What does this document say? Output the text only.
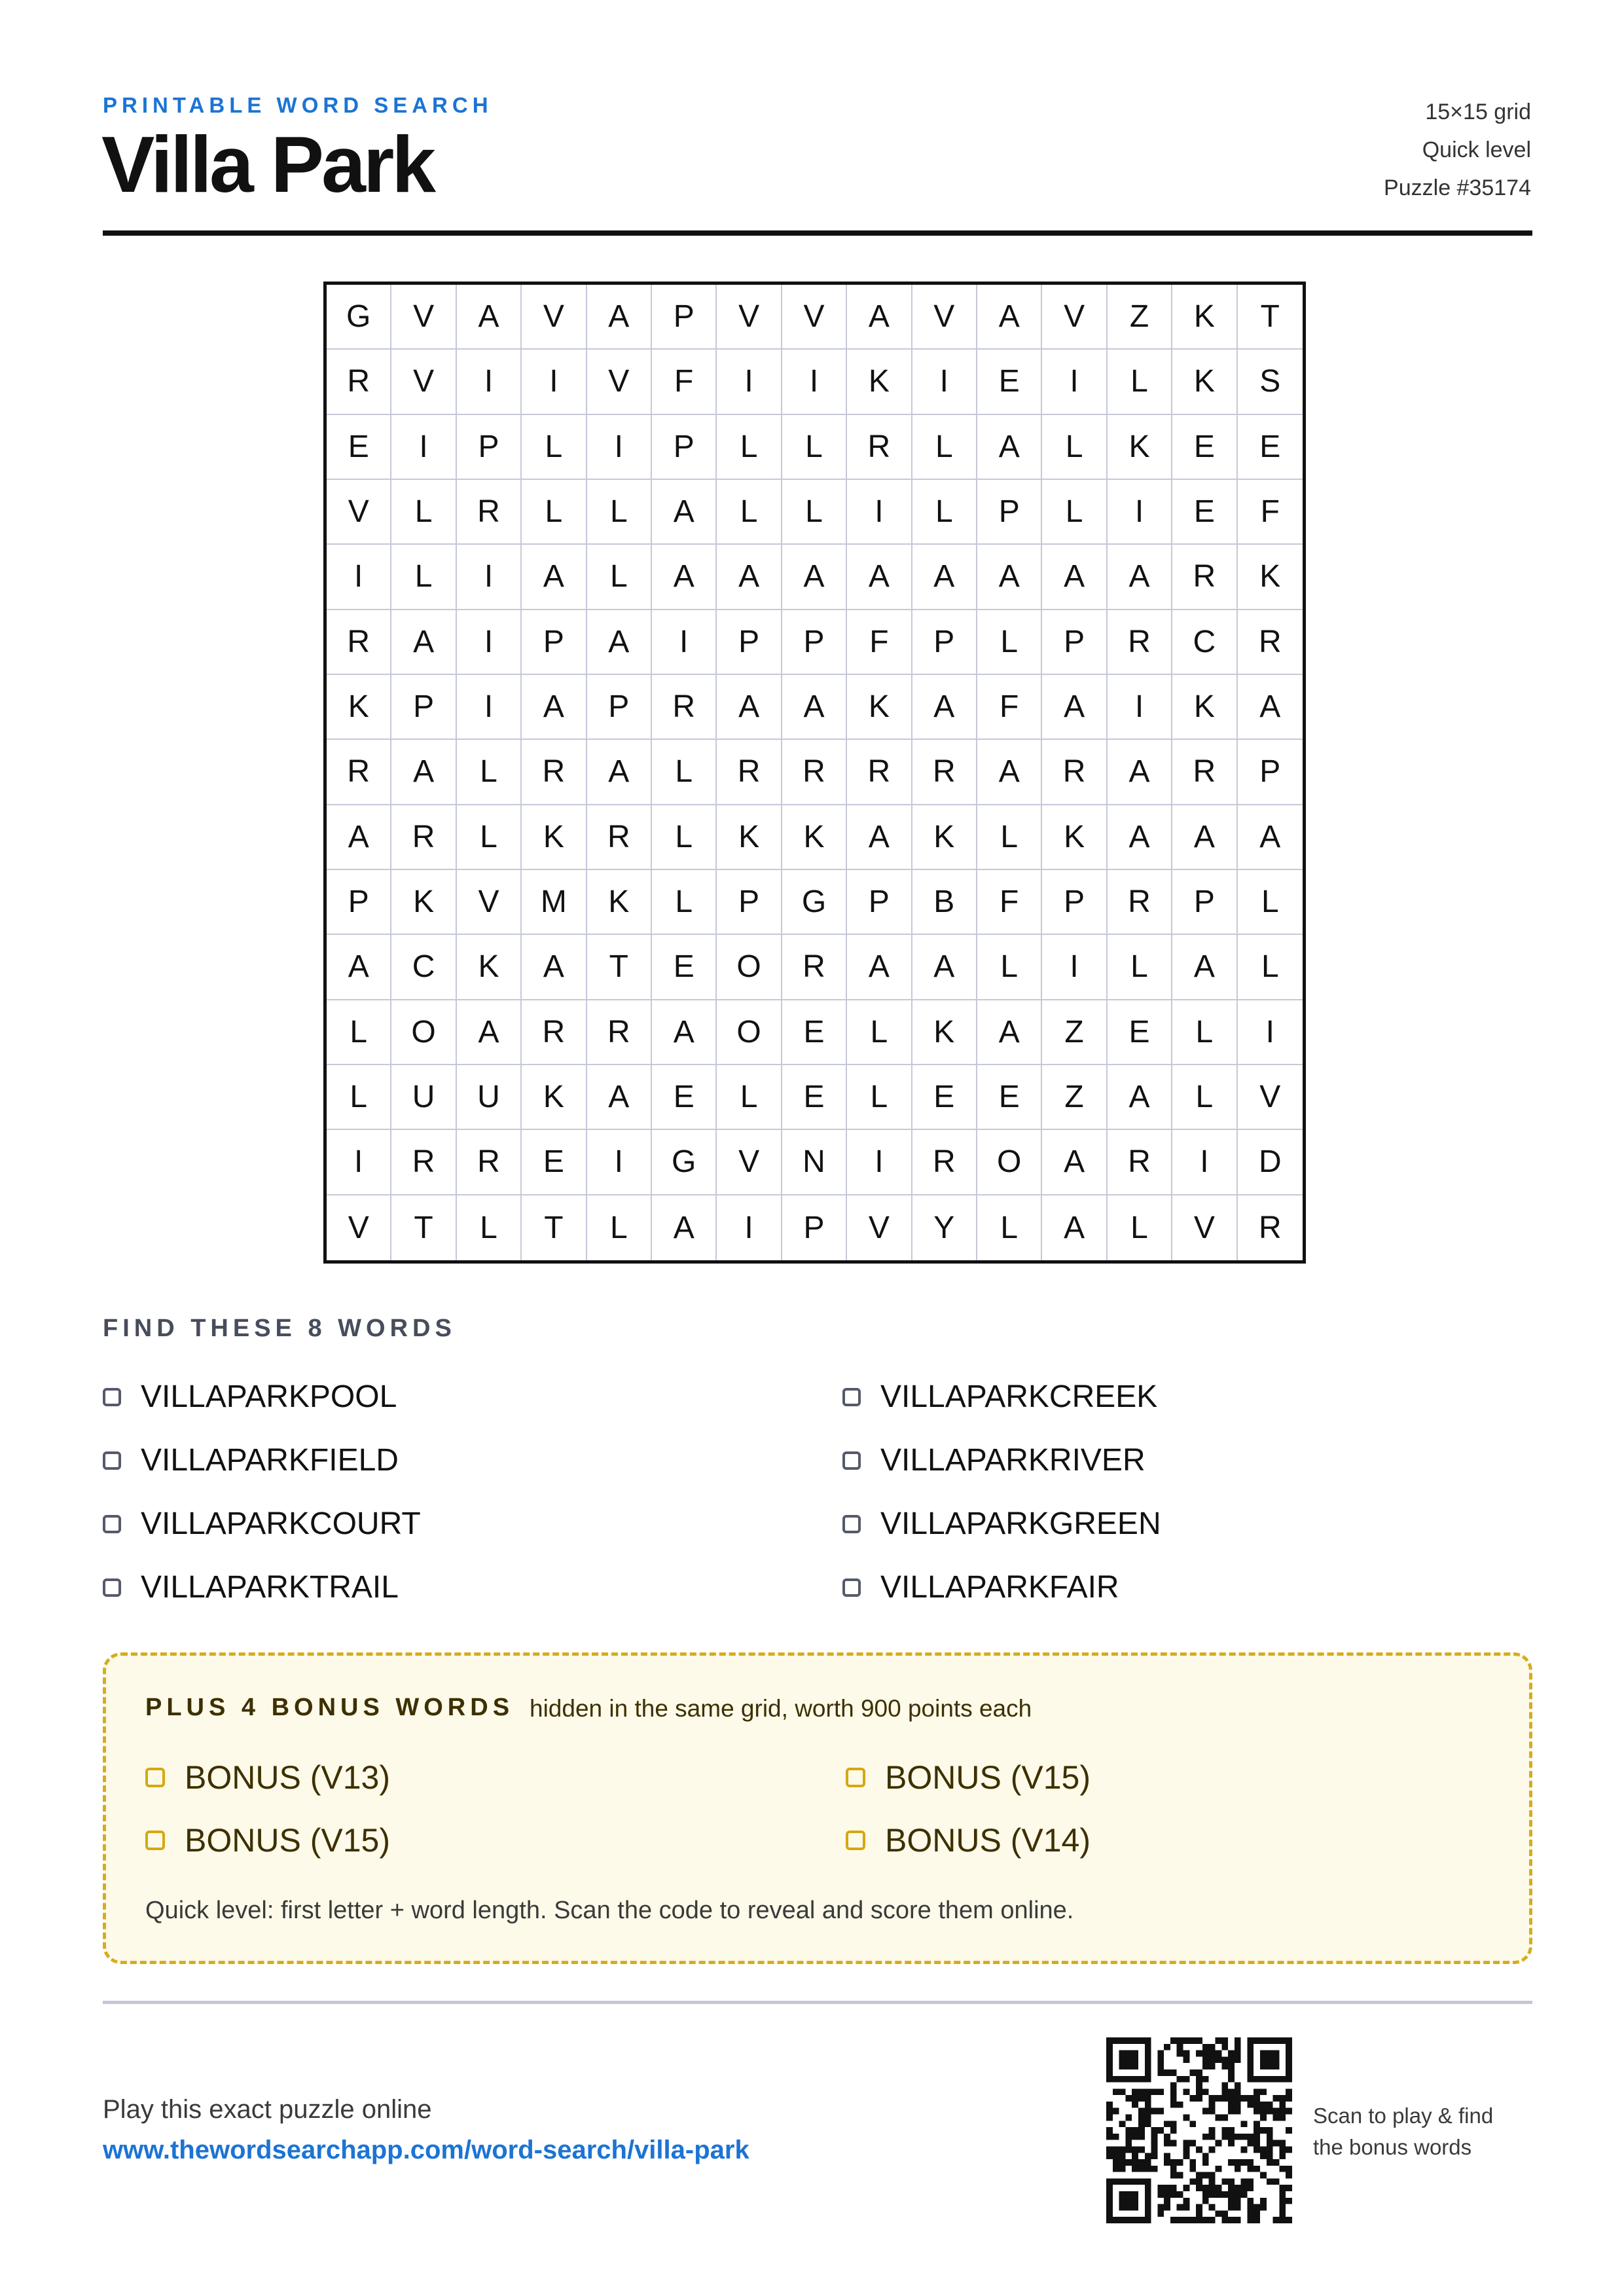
PRINTABLE WORD SEARCH
Villa Park
15×15 grid
Quick level
Puzzle #35174
G	V	A	V	A	P	V	V	A	V	A	V	Z	K	T
R	V	I	I	V	F	I	I	K	I	E	I	L	K	S
E	I	P	L	I	P	L	L	R	L	A	L	K	E	E
V	L	R	L	L	A	L	L	I	L	P	L	I	E	F
I	L	I	A	L	A	A	A	A	A	A	A	A	R	K
R	A	I	P	A	I	P	P	F	P	L	P	R	C	R
K	P	I	A	P	R	A	A	K	A	F	A	I	K	A
R	A	L	R	A	L	R	R	R	R	A	R	A	R	P
A	R	L	K	R	L	K	K	A	K	L	K	A	A	A
P	K	V	M	K	L	P	G	P	B	F	P	R	P	L
A	C	K	A	T	E	O	R	A	A	L	I	L	A	L
L	O	A	R	R	A	O	E	L	K	A	Z	E	L	I
L	U	U	K	A	E	L	E	L	E	E	Z	A	L	V
I	R	R	E	I	G	V	N	I	R	O	A	R	I	D
V	T	L	T	L	A	I	P	V	Y	L	A	L	V	R
FIND THESE 8 WORDS
VILLAPARKPOOL	VILLAPARKCREEK
VILLAPARKFIELD	VILLAPARKRIVER
VILLAPARKCOURT	VILLAPARKGREEN
VILLAPARKTRAIL	VILLAPARKFAIR
PLUS 4 BONUS WORDS hidden in the same grid, worth 900 points each
BONUS (V13)	BONUS (V15)
BONUS (V15)	BONUS (V14)
Quick level: first letter + word length. Scan the code to reveal and score them online.
Play this exact puzzle online
www.thewordsearchapp.com/word-search/villa-park
Scan to play & find
the bonus words
